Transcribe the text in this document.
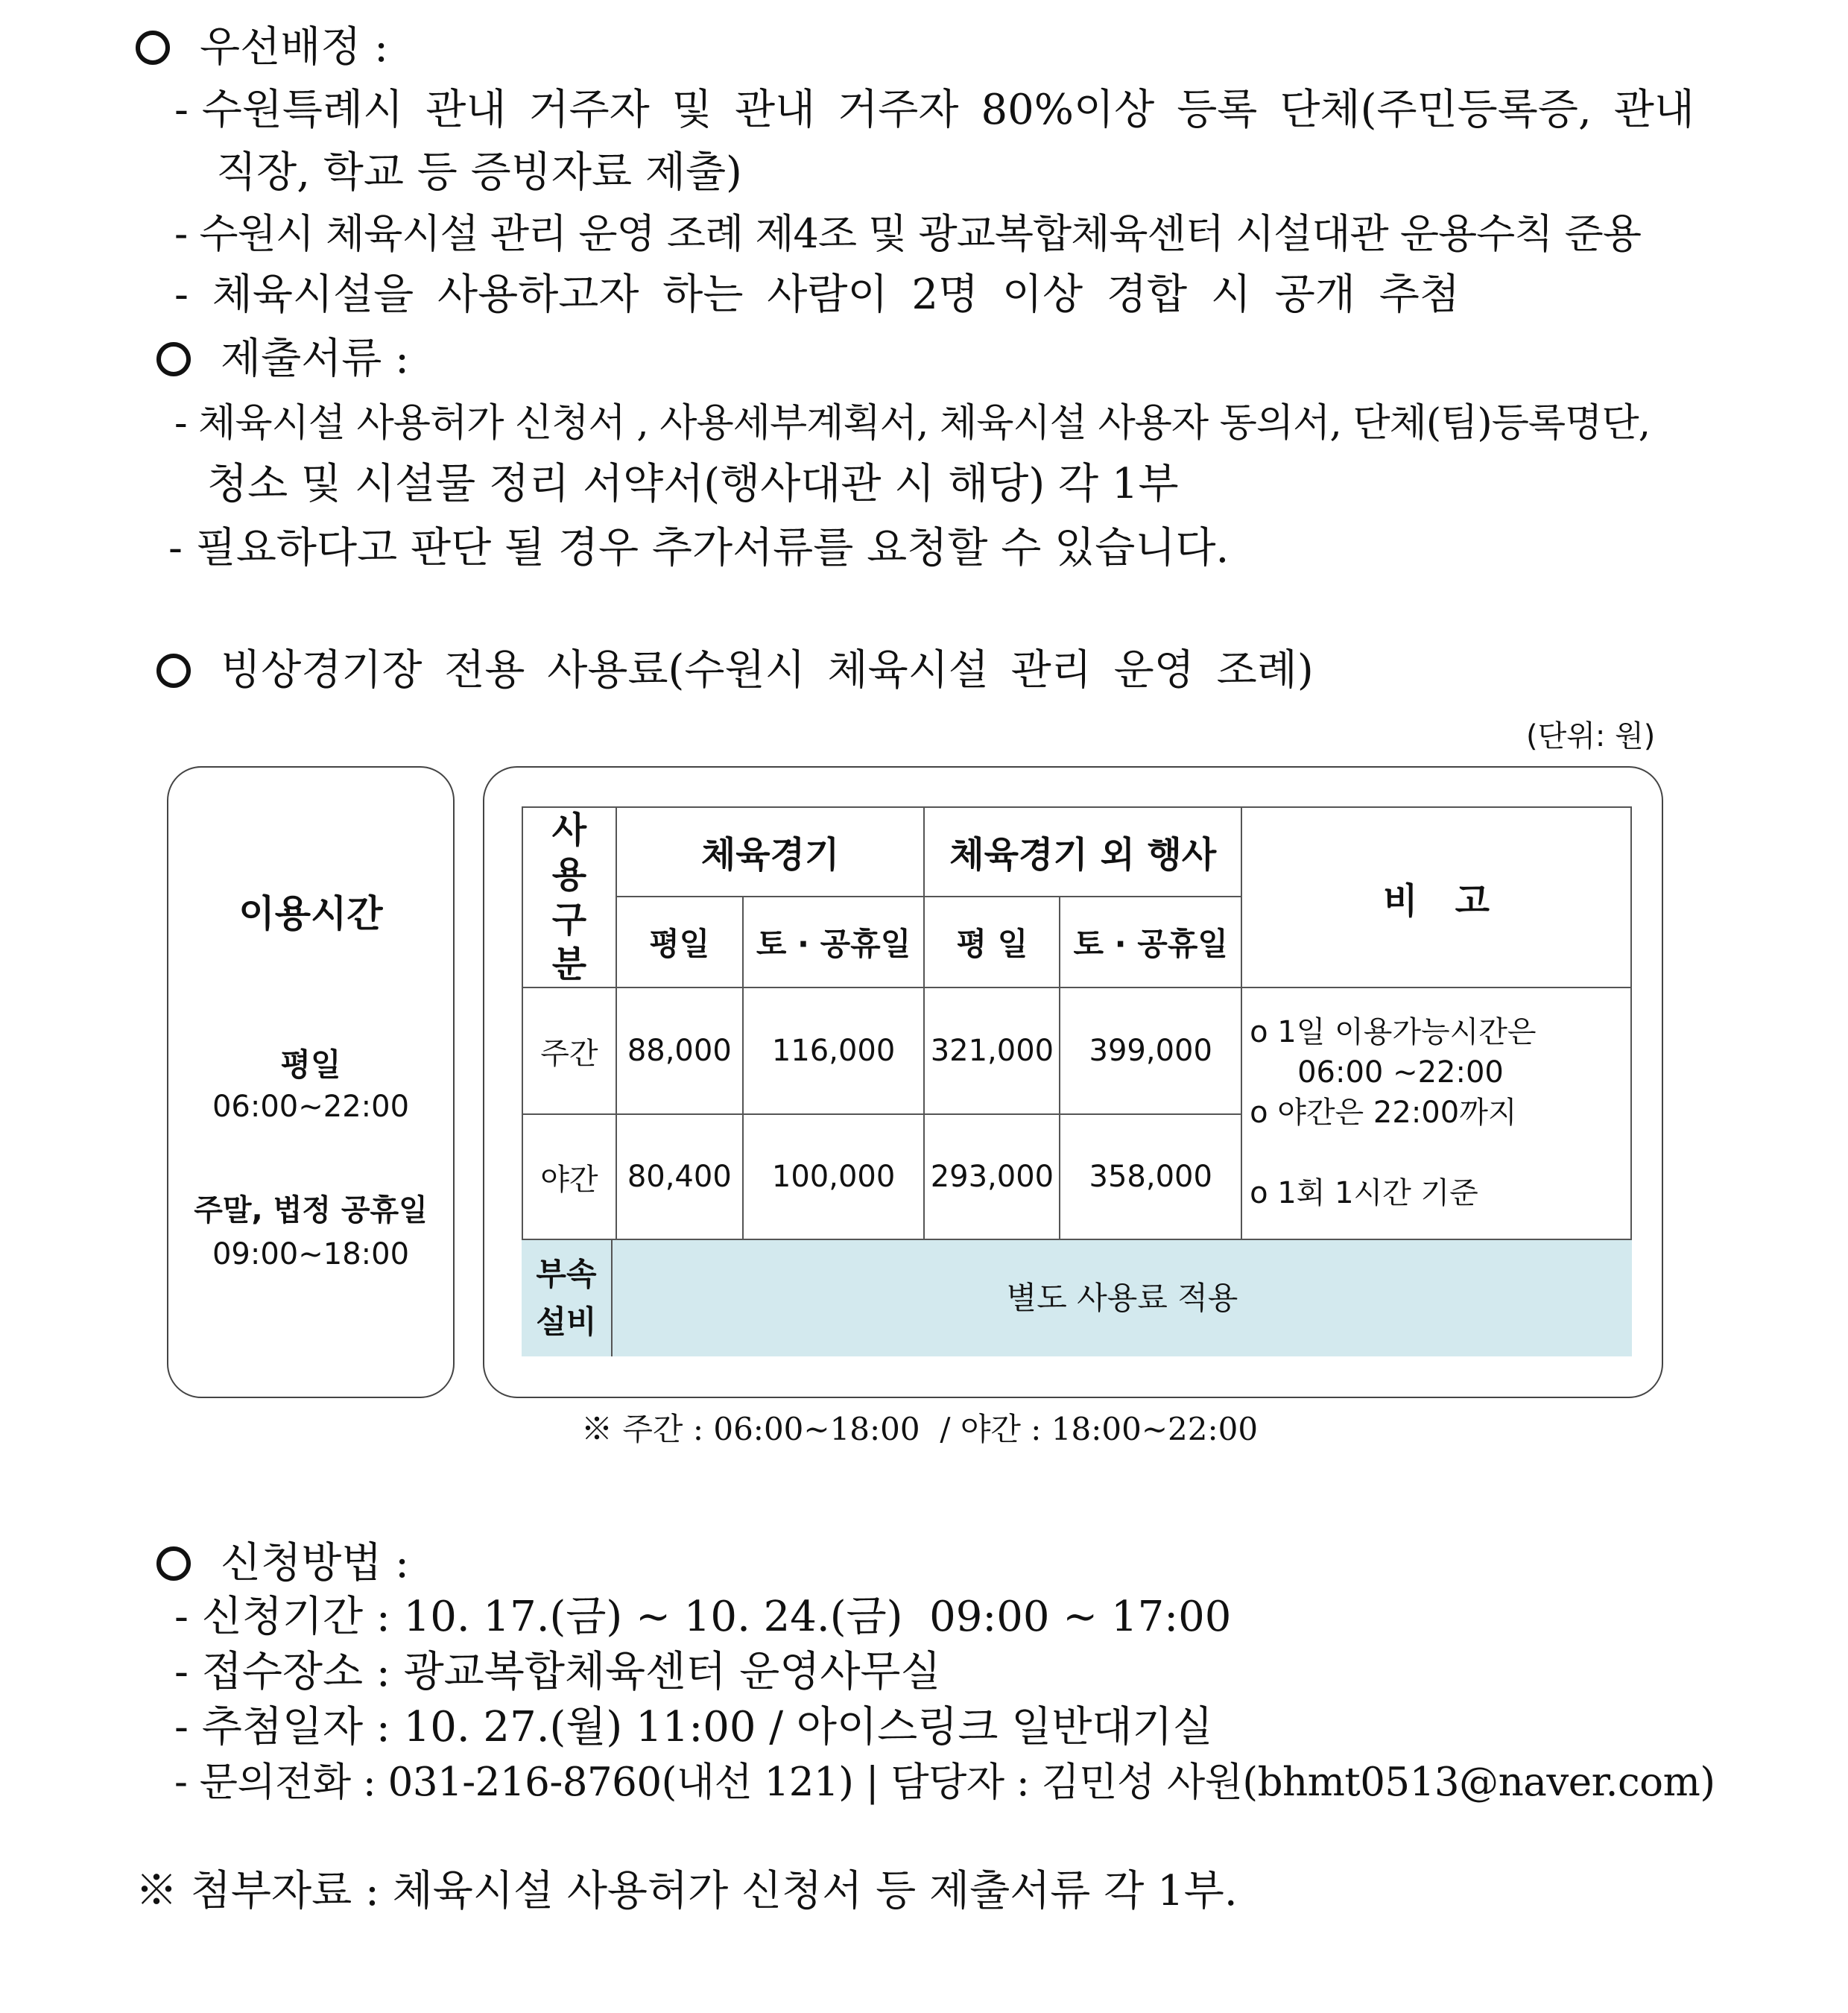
우선배정 :
- 수원특례시 관내 거주자 및 관내 거주자 80%이상 등록 단체(주민등록증, 관내
직장, 학교 등 증빙자료 제출)
- 수원시 체육시설 관리 운영 조례 제4조 및 광교복합체육센터 시설대관 운용수칙 준용
- 체육시설을 사용하고자 하는 사람이 2명 이상 경합 시 공개 추첨
제출서류 :
- 체육시설 사용허가 신청서 , 사용세부계획서, 체육시설 사용자 동의서, 단체(팀)등록명단,
청소 및 시설물 정리 서약서(행사대관 시 해당) 각 1부
- 필요하다고 판단 될 경우 추가서류를 요청할 수 있습니다.
빙상경기장 전용 사용료(수원시 체육시설 관리 운영 조례)
(단위: 원)
이용시간
평일
06:00~22:00
주말, 법정 공휴일
09:00~18:00
사용 구분	체육경기		체육경기 외 행사		비   고
	평일	토 · 공휴일	평 일	토 · 공휴일	
주간	88,000	116,000	321,000	399,000	o 1일 이용가능시간은
06:00 ~22:00
o 야간은 22:00까지
o 1회 1시간 기준

야간	80,400	100,000	293,000	358,000	
부속 설비
별도 사용료 적용
※ 주간 : 06:00~18:00  / 야간 : 18:00~22:00
신청방법 :
- 신청기간 : 10. 17.(금) ~ 10. 24.(금)  09:00 ~ 17:00
- 접수장소 : 광교복합체육센터 운영사무실
- 추첨일자 : 10. 27.(월) 11:00 / 아이스링크 일반대기실
- 문의전화 : 031-216-8760(내선 121) | 담당자 : 김민성 사원(bhmt0513@naver.com)
※ 첨부자료 : 체육시설 사용허가 신청서 등 제출서류 각 1부.
